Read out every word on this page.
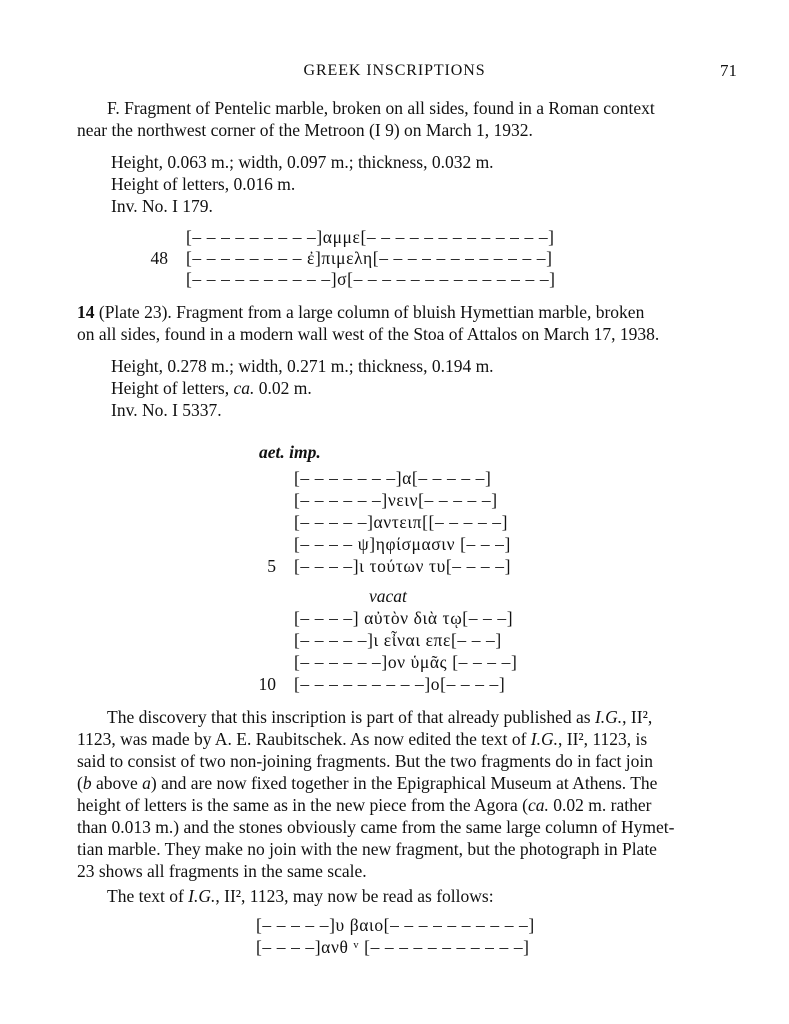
GREEK INSCRIPTIONS	71
F. Fragment of Pentelic marble, broken on all sides, found in a Roman context
near the northwest corner of the Metroon (I 9) on March 1, 1932.
Height, 0.063 m.; width, 0.097 m.; thickness, 0.032 m.
Height of letters, 0.016 m.
Inv. No. I 179.
[– – – – – – – – –]αμμε[– – – – – – – – – – – – –]
48 [– – – – – – – – ἐ]πιμελη[– – – – – – – – – – – –]
[– – – – – – – – – –]σ[– – – – – – – – – – – – – –]
14 (Plate 23). Fragment from a large column of bluish Hymettian marble, broken
on all sides, found in a modern wall west of the Stoa of Attalos on March 17, 1938.
Height, 0.278 m.; width, 0.271 m.; thickness, 0.194 m.
Height of letters, ca. 0.02 m.
Inv. No. I 5337.
aet. imp.
[– – – – – – –]α[– – – – –]
[– – – – – –]νειν[– – – – –]
[– – – – –]αντειπ[[– – – – –]
[– – – – ψ]ηφίσμασιν [– – –]
5 [– – – –]ι τούτων τυ[– – – –]
vacat
[– – – –] αὐτὸν διὰ τῳ[– – –]
[– – – – –]ι εἶναι επε[– – –]
[– – – – – –]ον ὑμᾶς [– – – –]
10 [– – – – – – – – –]ο[– – – –]
The discovery that this inscription is part of that already published as I.G., II²,
1123, was made by A. E. Raubitschek. As now edited the text of I.G., II², 1123, is
said to consist of two non-joining fragments. But the two fragments do in fact join
(b above a) and are now fixed together in the Epigraphical Museum at Athens. The
height of letters is the same as in the new piece from the Agora (ca. 0.02 m. rather
than 0.013 m.) and the stones obviously came from the same large column of Hymet-
tian marble. They make no join with the new fragment, but the photograph in Plate
23 shows all fragments in the same scale.
The text of I.G., II², 1123, may now be read as follows:
[– – – – –]υ βαιο[– – – – – – – – – –]
[– – – –]ανθ ᵛ [– – – – – – – – – – –]
